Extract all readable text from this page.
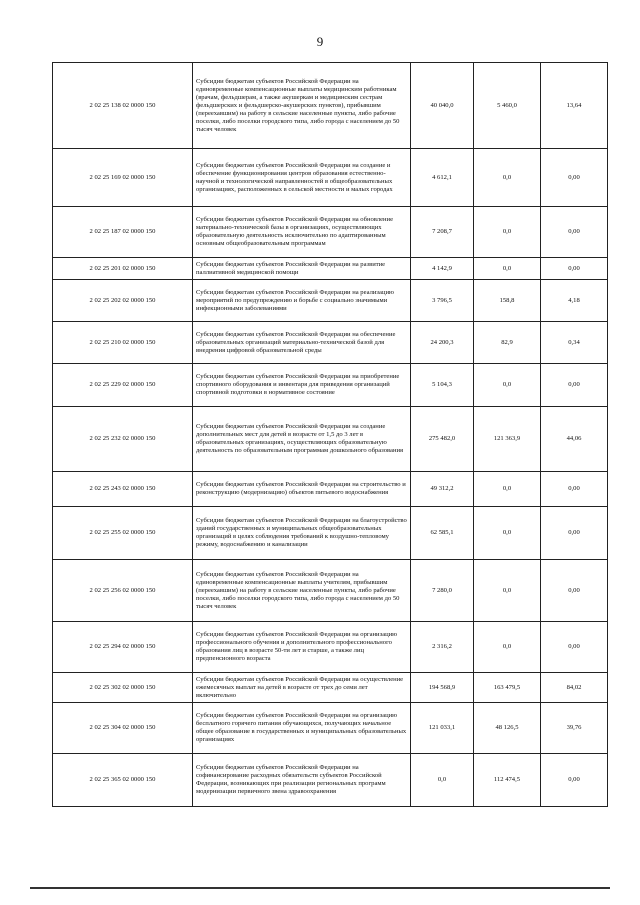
9
2 02 25 138 02 0000 150	Субсидии бюджетам субъектов Российской Федерации на единовременные компенсационные выплаты медицинским работникам (врачам, фельдшерам, а также акушеркам и медицинским сестрам фельдшерских и фельдшерско-акушерских пунктов), прибывшим (переехавшим) на работу в сельские населенные пункты, либо рабочие поселки, либо поселки городского типа, либо города с населением до 50 тысяч человек	40 040,0	5 460,0	13,64
2 02 25 169 02 0000 150	Субсидии бюджетам субъектов Российской Федерации на создание и обеспечение функционирования центров образования естественно-научной и технологической направленностей в общеобразовательных организациях, расположенных в сельской местности и малых городах	4 612,1	0,0	0,00
2 02 25 187 02 0000 150	Субсидии бюджетам субъектов Российской Федерации на обновление материально-технической базы в организациях, осуществляющих образовательную деятельность исключительно по адаптированным основным общеобразовательным программам	7 208,7	0,0	0,00
2 02 25 201 02 0000 150	Субсидии бюджетам субъектов Российской Федерации на развитие паллиативной медицинской помощи	4 142,9	0,0	0,00
2 02 25 202 02 0000 150	Субсидии бюджетам субъектов Российской Федерации на реализацию мероприятий по предупреждению и борьбе с социально значимыми инфекционными заболеваниями	3 796,5	158,8	4,18
2 02 25 210 02 0000 150	Субсидии бюджетам субъектов Российской Федерации на обеспечение образовательных организаций материально-технической базой для внедрения цифровой образовательной среды	24 200,3	82,9	0,34
2 02 25 229 02 0000 150	Субсидии бюджетам субъектов Российской Федерации на приобретение спортивного оборудования и инвентаря для приведения организаций спортивной подготовки в нормативное состояние	5 104,3	0,0	0,00
2 02 25 232 02 0000 150	Субсидии бюджетам субъектов Российской Федерации на создание дополнительных мест для детей в возрасте от 1,5 до 3 лет в образовательных организациях, осуществляющих образовательную деятельность по образовательным программам дошкольного образования	275 482,0	121 363,9	44,06
2 02 25 243 02 0000 150	Субсидии бюджетам субъектов Российской Федерации на строительство и реконструкцию (модернизацию) объектов питьевого водоснабжения	49 312,2	0,0	0,00
2 02 25 255 02 0000 150	Субсидии бюджетам субъектов Российской Федерации на благоустройство зданий государственных и муниципальных общеобразовательных организаций в целях соблюдения требований к воздушно-тепловому режиму, водоснабжению и канализации	62 585,1	0,0	0,00
2 02 25 256 02 0000 150	Субсидии бюджетам субъектов Российской Федерации на единовременные компенсационные выплаты учителям, прибывшим (переехавшим) на работу в сельские населенные пункты, либо рабочие поселки, либо поселки городского типа, либо города с населением до 50 тысяч человек	7 280,0	0,0	0,00
2 02 25 294 02 0000 150	Субсидии бюджетам субъектов Российской Федерации на организацию профессионального обучения и дополнительного профессионального образования лиц в возрасте 50-ти лет и старше, а также лиц предпенсионного возраста	2 316,2	0,0	0,00
2 02 25 302 02 0000 150	Субсидии бюджетам субъектов Российской Федерации на осуществление ежемесячных выплат на детей в возрасте от трех до семи лет включительно	194 568,9	163 479,5	84,02
2 02 25 304 02 0000 150	Субсидии бюджетам субъектов Российской Федерации на организацию бесплатного горячего питания обучающихся, получающих начальное общее образование в государственных и муниципальных образовательных организациях	121 033,1	48 126,5	39,76
2 02 25 365 02 0000 150	Субсидии бюджетам субъектов Российской Федерации на софинансирование расходных обязательств субъектов Российской Федерации, возникающих при реализации региональных программ модернизации первичного звена здравоохранения	0,0	112 474,5	0,00
